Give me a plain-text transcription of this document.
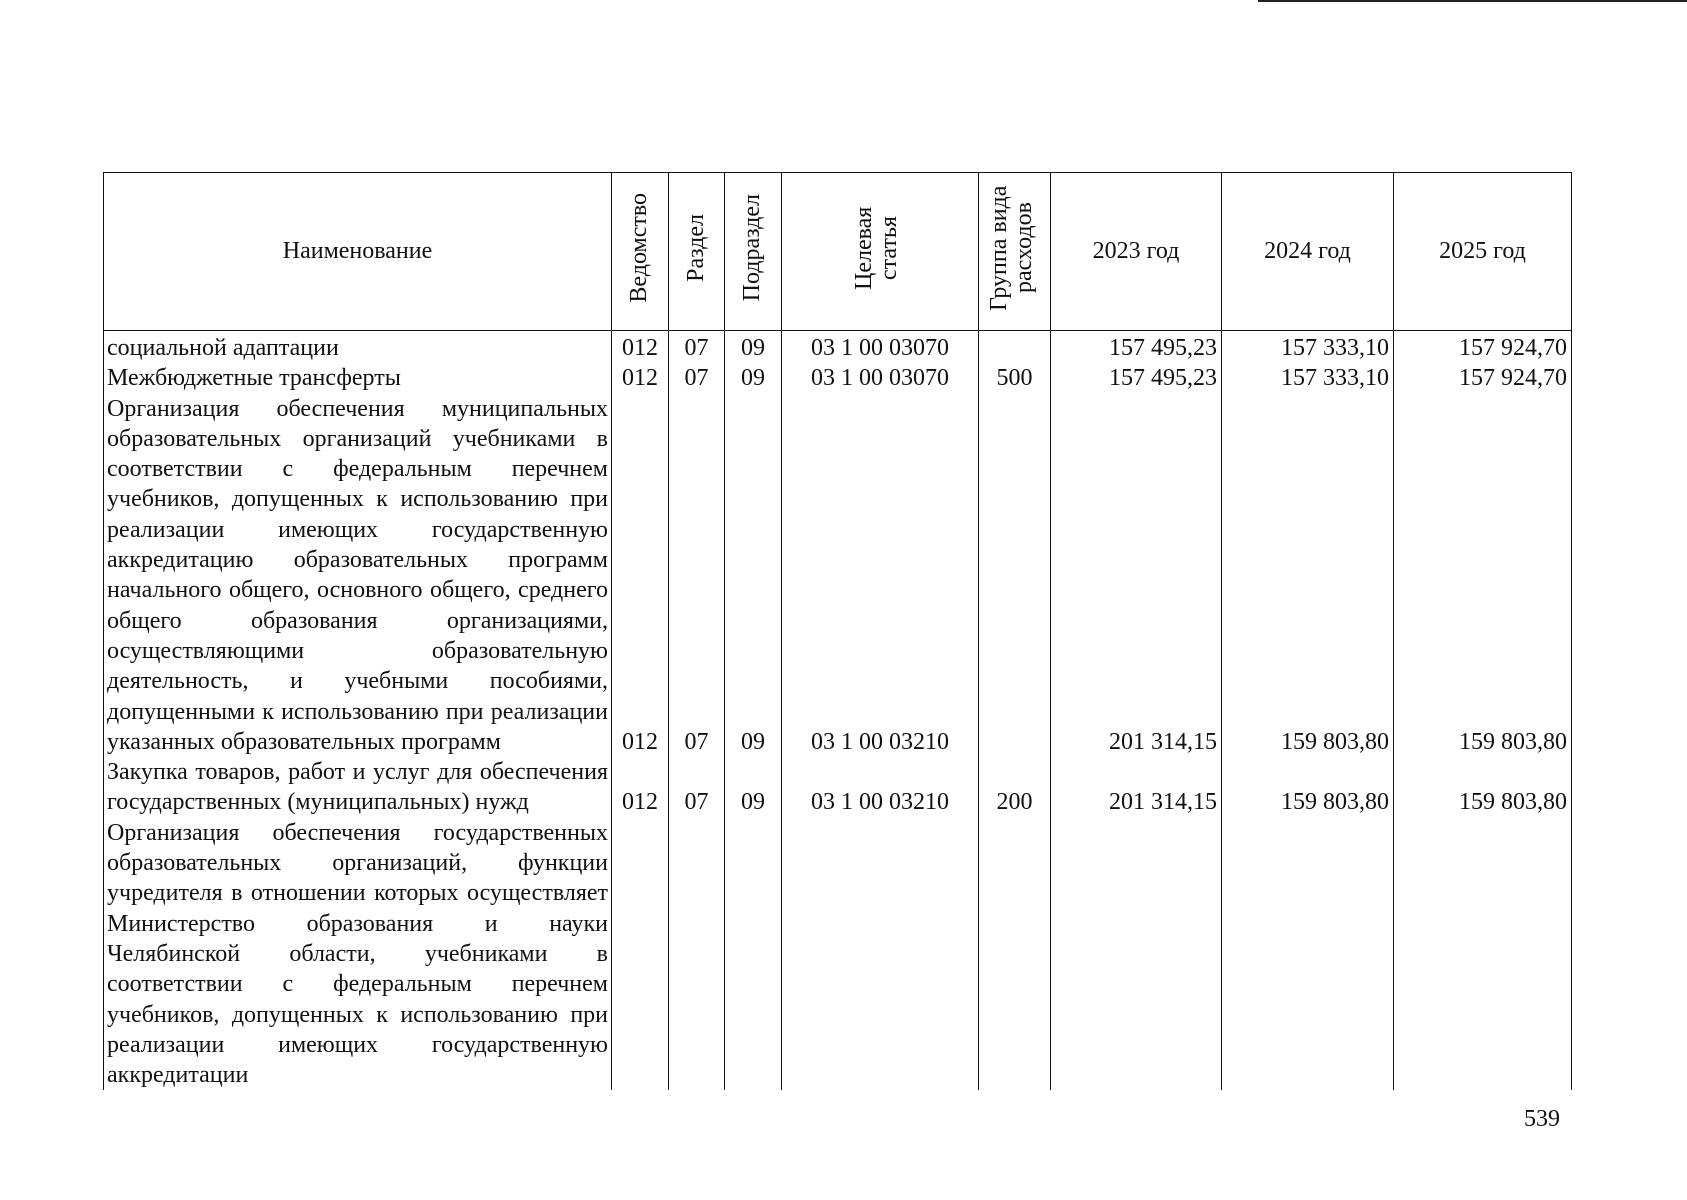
Наименование	Ведомство	Раздел	Подраздел	Целевая статья	Группа вида расходов	2023 год	2024 год	2025 год
социальной адаптации	012	07	09	03 1 00 03070		157 495,23	157 333,10	157 924,70
Межбюджетные трансферты	012	07	09	03 1 00 03070	500	157 495,23	157 333,10	157 924,70
Организация обеспечения муниципальных образовательных организаций учебниками в соответствии с федеральным перечнем учебников, допущенных к использованию при реализации имеющих государственную аккредитацию образовательных программ начального общего, основного общего, среднего общего образования организациями, осуществляющими образовательную деятельность, и учебными пособиями, допущенными к использованию при реализации указанных образовательных программ	012	07	09	03 1 00 03210		201 314,15	159 803,80	159 803,80
Закупка товаров, работ и услуг для обеспечения государственных (муниципальных) нужд	012	07	09	03 1 00 03210	200	201 314,15	159 803,80	159 803,80
Организация обеспечения государственных образовательных организаций, функции учредителя в отношении которых осуществляет Министерство образования и науки Челябинской области, учебниками в соответствии с федеральным перечнем учебников, допущенных к использованию при реализации имеющих государственную аккредитации								
539
